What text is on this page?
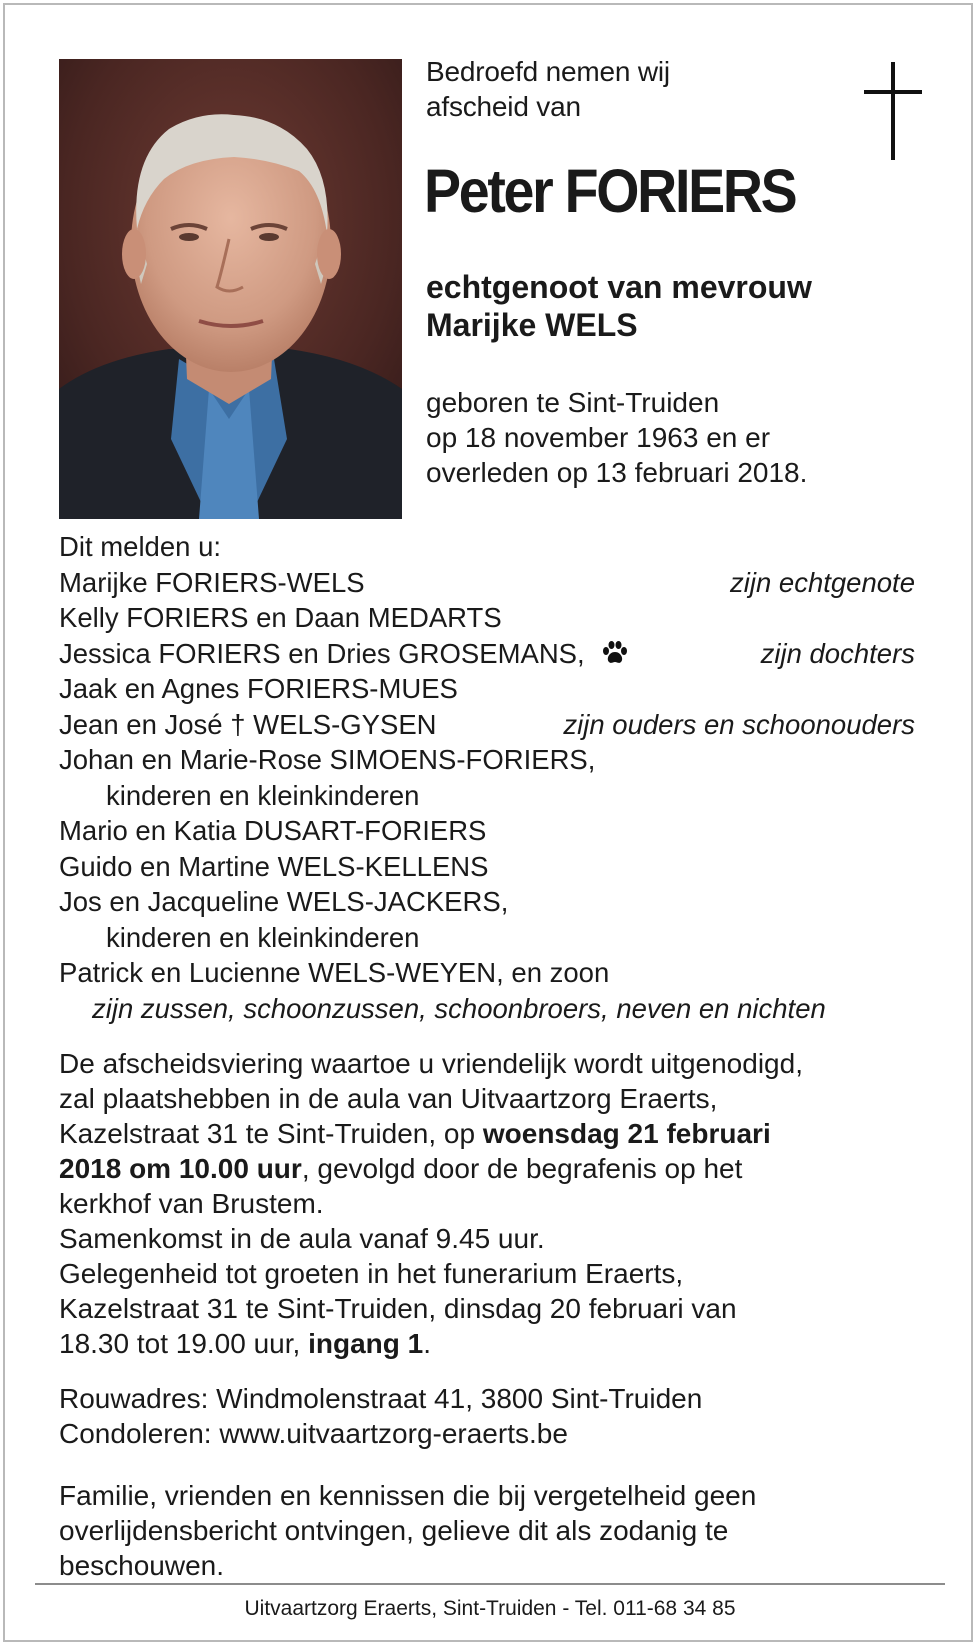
Bedroefd nemen wij
afscheid van
Peter FORIERS
echtgenoot van mevrouw
Marijke WELS
geboren te Sint-Truiden
op 18 november 1963 en er
overleden op 13 februari 2018.
Dit melden u:
Marijke FORIERS-WELS	zijn echtgenote
Kelly FORIERS en Daan MEDARTS
Jessica FORIERS en Dries GROSEMANS,	zijn dochters
Jaak en Agnes FORIERS-MUES
Jean en José † WELS-GYSEN	zijn ouders en schoonouders
Johan en Marie-Rose SIMOENS-FORIERS,
kinderen en kleinkinderen
Mario en Katia DUSART-FORIERS
Guido en Martine WELS-KELLENS
Jos en Jacqueline WELS-JACKERS,
kinderen en kleinkinderen
Patrick en Lucienne WELS-WEYEN, en zoon
zijn zussen, schoonzussen, schoonbroers, neven en nichten
De afscheidsviering waartoe u vriendelijk wordt uitgenodigd,
zal plaatshebben in de aula van Uitvaartzorg Eraerts,
Kazelstraat 31 te Sint-Truiden, op woensdag 21 februari
2018 om 10.00 uur, gevolgd door de begrafenis op het
kerkhof van Brustem.
Samenkomst in de aula vanaf 9.45 uur.
Gelegenheid tot groeten in het funerarium Eraerts,
Kazelstraat 31 te Sint-Truiden, dinsdag 20 februari van
18.30 tot 19.00 uur, ingang 1.
Rouwadres: Windmolenstraat 41, 3800 Sint-Truiden
Condoleren: www.uitvaartzorg-eraerts.be
Familie, vrienden en kennissen die bij vergetelheid geen
overlijdensbericht ontvingen, gelieve dit als zodanig te
beschouwen.
Uitvaartzorg Eraerts, Sint-Truiden - Tel. 011-68 34 85
